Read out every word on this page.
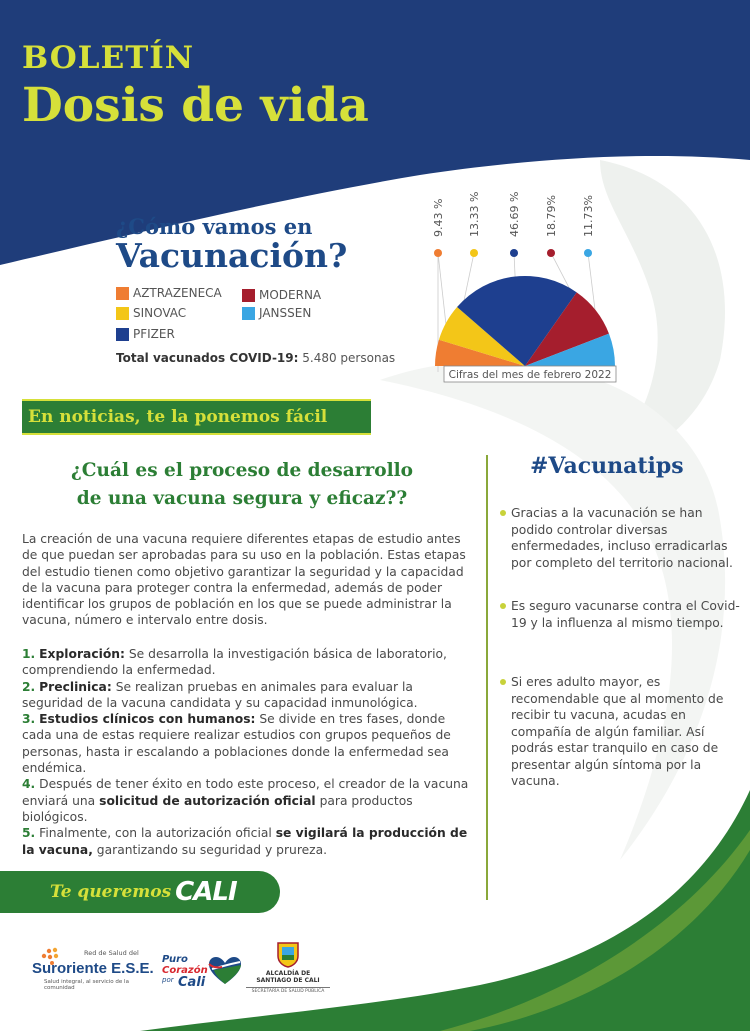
BOLETÍN
Dosis de vida
¿Cómo vamos en
Vacunación?
AZTRAZENECA	MODERNA
SINOVAC	JANSSEN
PFIZER
Total vacunados COVID-19: 5.480 personas
9.43 % 13.33 % 46.69 % 18.79% 11.73%
Cifras del mes de febrero 2022
En noticias, te la ponemos fácil
¿Cuál es el proceso de desarrollo
de una vacuna segura y eficaz??

La creación de una vacuna requiere diferentes etapas de estudio antes de que puedan ser aprobadas para su uso en la población. Estas etapas del estudio tienen como objetivo garantizar la seguridad y la capacidad de la vacuna para proteger contra la enfermedad, además de poder identificar los grupos de población en los que se puede administrar la vacuna, número e intervalo entre dosis.

1. Exploración: Se desarrolla la investigación básica de laboratorio, comprendiendo la enfermedad.

2. Preclinica: Se realizan pruebas en animales para evaluar la seguridad de la vacuna candidata y su capacidad inmunológica.

3. Estudios clínicos con humanos: Se divide en tres fases, donde cada una de estas requiere realizar estudios con grupos pequeños de personas, hasta ir escalando a poblaciones donde la enfermedad sea endémica.

4. Después de tener éxito en todo este proceso, el creador de la vacuna enviará una solicitud de autorización oficial para productos biológicos.

5. Finalmente, con la autorización oficial se vigilará la producción de la vacuna, garantizando su seguridad y prureza.

#Vacunatips
Gracias a la vacunación se han podido controlar diversas enfermedades, incluso erradicarlas por completo del territorio nacional.
Es seguro vacunarse contra el Covid-19 y la influenza al mismo tiempo.
Si eres adulto mayor, es recomendable que al momento de recibir tu vacuna, acudas en compañía de algún familiar. Así podrás estar tranquilo en caso de presentar algún síntoma por la vacuna.
Te queremos CALI
Red de Salud del
Suroriente E.S.E.
Salud integral, al servicio de la comunidad
Puro
Corazón
por Cali
ALCALDÍA DE
SANTIAGO DE CALI
SECRETARÍA DE SALUD PÚBLICA
